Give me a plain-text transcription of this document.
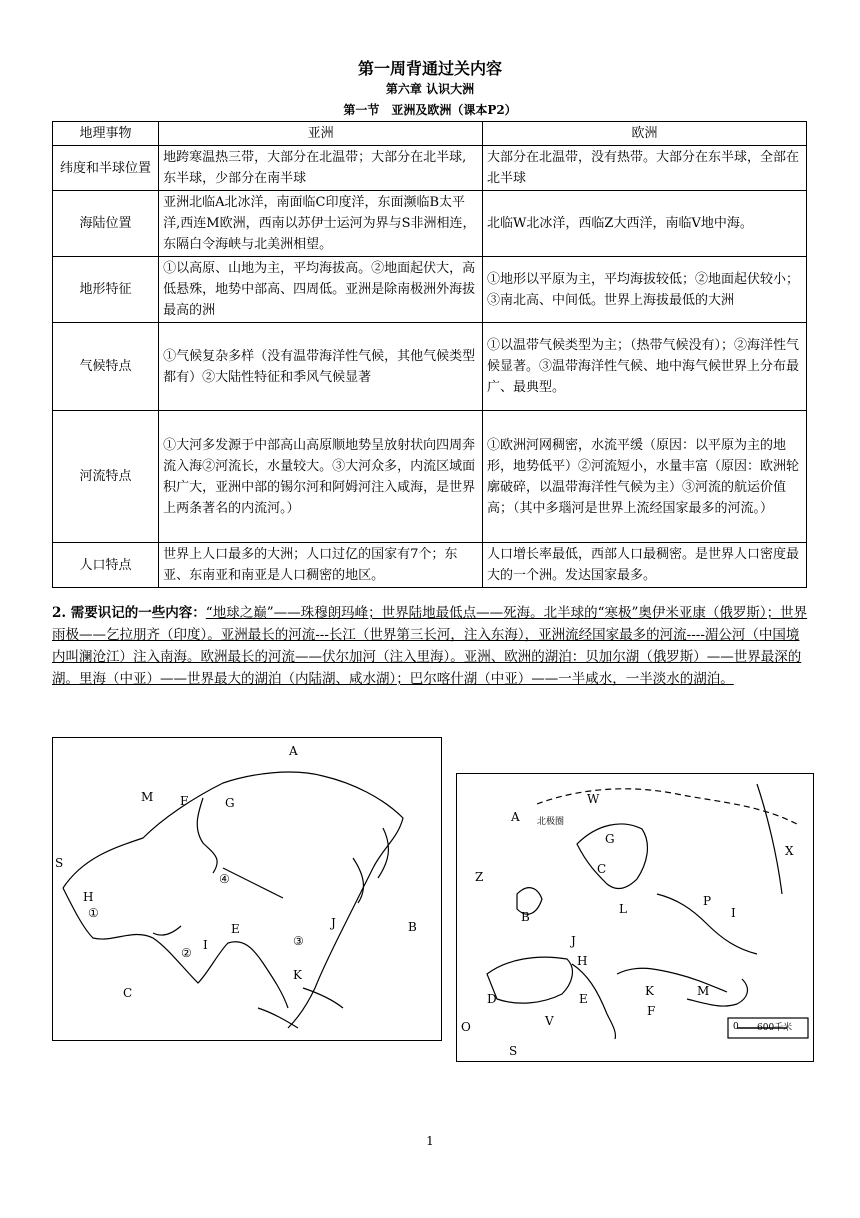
第一周背通过关内容
第六章 认识大洲
第一节　亚洲及欧洲（课本P2）
地理事物	亚洲	欧洲
纬度和半球位置	地跨寒温热三带，大部分在北温带；大部分在北半球,东半球，少部分在南半球	大部分在北温带，没有热带。大部分在东半球，全部在北半球
海陆位置	亚洲北临A北冰洋，南面临C印度洋，东面濒临B太平洋,西连M欧洲，西南以苏伊士运河为界与S非洲相连，东隔白令海峡与北美洲相望。	北临W北冰洋，西临Z大西洋，南临V地中海。
地形特征	①以高原、山地为主，平均海拔高。②地面起伏大，高低悬殊，地势中部高、四周低。亚洲是除南极洲外海拔最高的洲	①地形以平原为主，平均海拔较低；②地面起伏较小；③南北高、中间低。世界上海拔最低的大洲
气候特点	①气候复杂多样（没有温带海洋性气候，其他气候类型都有）②大陆性特征和季风气候显著	①以温带气候类型为主；（热带气候没有）；②海洋性气候显著。③温带海洋性气候、地中海气候世界上分布最广、最典型。
河流特点	①大河多发源于中部高山高原顺地势呈放射状向四周奔流入海②河流长，水量较大。③大河众多，内流区域面积广大，亚洲中部的锡尔河和阿姆河注入咸海，是世界上两条著名的内流河。）	①欧洲河网稠密，水流平缓（原因：以平原为主的地形，地势低平）②河流短小，水量丰富（原因：欧洲轮廓破碎，以温带海洋性气候为主）③河流的航运价值高；（其中多瑙河是世界上流经国家最多的河流。）
人口特点	世界上人口最多的大洲；人口过亿的国家有7个；东亚、东南亚和南亚是人口稠密的地区。	人口增长率最低，西部人口最稠密。是世界人口密度最大的一个洲。发达国家最多。
2. 需要识记的一些内容：“地球之巅”——珠穆朗玛峰；世界陆地最低点——死海。北半球的“寒极”奥伊米亚康（俄罗斯）；世界雨极——乞拉朋齐（印度）。亚洲最长的河流---长江（世界第三长河，注入东海），亚洲流经国家最多的河流----湄公河（中国境内叫澜沧江）注入南海。欧洲最长的河流——伏尔加河（注入里海）。亚洲、欧洲的湖泊：贝加尔湖（俄罗斯）——世界最深的湖。里海（中亚）——世界最大的湖泊（内陆湖、咸水湖）；巴尔喀什湖（中亚）——一半咸水，一半淡水的湖泊。
A
B
C
S
M F	G
H
I
E	J
K
①
②
③
④
W
A 北极圈
G
C
Z
B
L
P
I
X
J
H
K	M
D	E
F
V
O
S
0 600千米
1
